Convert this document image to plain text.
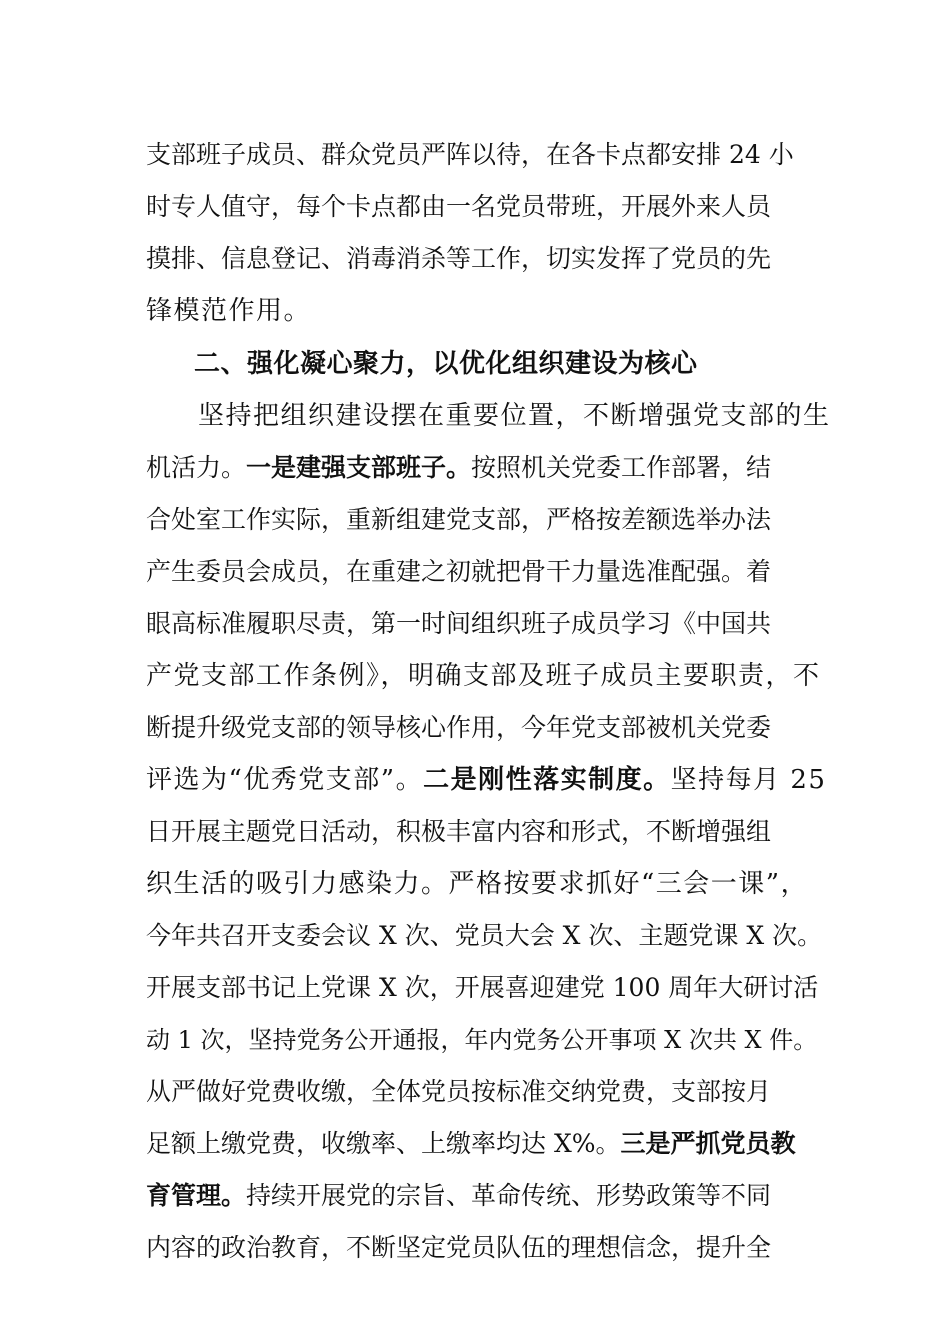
支部班子成员、群众党员严阵以待，在各卡点都安排 24 小
时专人值守，每个卡点都由一名党员带班，开展外来人员
摸排、信息登记、消毒消杀等工作，切实发挥了党员的先
锋模范作用。
二、强化凝心聚力，以优化组织建设为核心
坚持把组织建设摆在重要位置，不断增强党支部的生
机活力。一是建强支部班子。按照机关党委工作部署，结
合处室工作实际，重新组建党支部，严格按差额选举办法
产生委员会成员，在重建之初就把骨干力量选准配强。着
眼高标准履职尽责，第一时间组织班子成员学习《中国共
产党支部工作条例》，明确支部及班子成员主要职责，不
断提升级党支部的领导核心作用，今年党支部被机关党委
评选为“优秀党支部”。二是刚性落实制度。坚持每月 25
日开展主题党日活动，积极丰富内容和形式，不断增强组
织生活的吸引力感染力。严格按要求抓好“三会一课”，
今年共召开支委会议 X 次、党员大会 X 次、主题党课 X 次。
开展支部书记上党课 X 次，开展喜迎建党 100 周年大研讨活
动 1 次，坚持党务公开通报，年内党务公开事项 X 次共 X 件。
从严做好党费收缴，全体党员按标准交纳党费，支部按月
足额上缴党费，收缴率、上缴率均达 X%。三是严抓党员教
育管理。持续开展党的宗旨、革命传统、形势政策等不同
内容的政治教育，不断坚定党员队伍的理想信念，提升全
